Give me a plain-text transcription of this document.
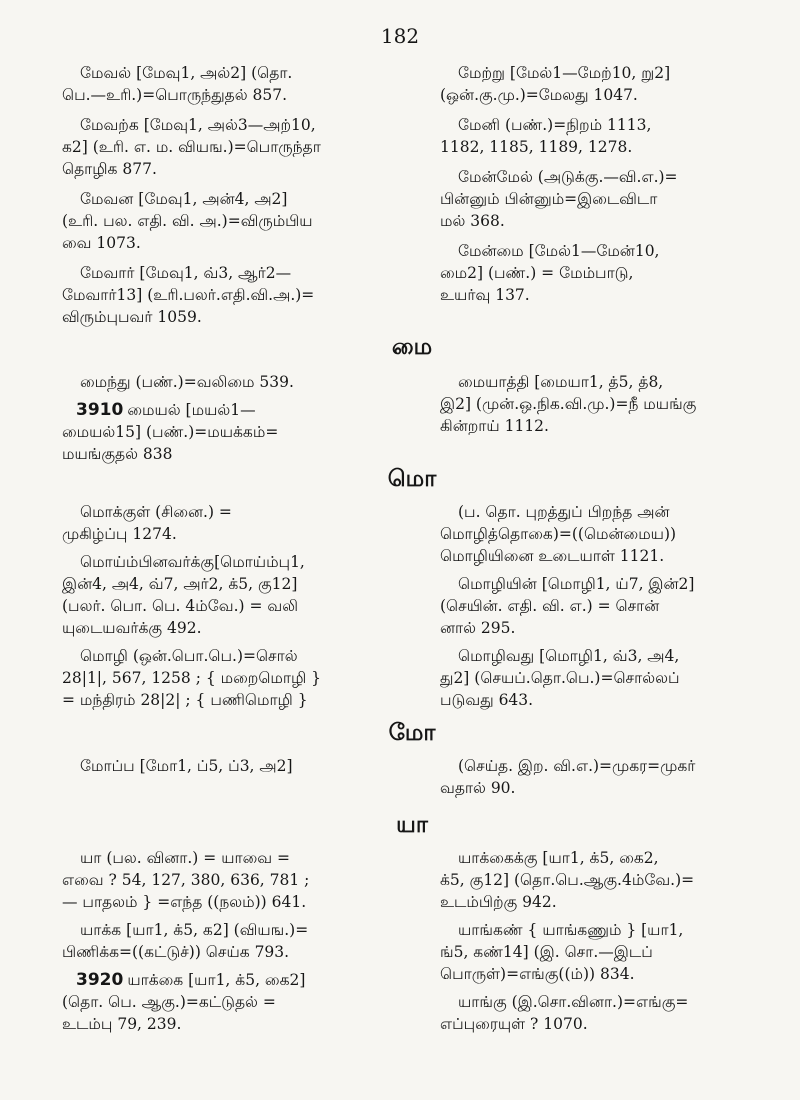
182

மேவல் [மேவு1, அல்2] (தொ.
பெ.—உரி.)=பொருந்துதல் 857.

மேவற்க [மேவு1, அல்3—அற்10,
க2] (உரி. எ. ம. வியங.)=பொருந்தா
தொழிக 877.

மேவன [மேவு1, அன்4, அ2]
(உரி. பல. எதி. வி. அ.)=விரும்பிய
வை 1073.

மேவார் [மேவு1, வ்3, ஆர்2—
மேவார்13] (உரி.பலர்.எதி.வி.அ.)=
விரும்புபவர் 1059.

மேற்று [மேல்1—மேற்10, று2]
(ஒன்.கு.மு.)=மேலது 1047.

மேனி (பண்.)=நிறம் 1113,
1182, 1185, 1189, 1278.

மேன்மேல் (அடுக்கு.—வி.எ.)=
பின்னும் பின்னும்=இடைவிடா
மல் 368.

மேன்மை [மேல்1—மேன்10,
மை2] (பண்.) = மேம்பாடு,
உயர்வு 137.

மை

மைந்து (பண்.)=வலிமை 539.

3910 மையல் [மயல்1—
மையல்15] (பண்.)=மயக்கம்=
மயங்குதல் 838

மையாத்தி [மையா1, த்5, த்8,
இ2] (முன்.ஒ.நிக.வி.மு.)=நீ மயங்கு
கின்றாய் 1112.

மொ

மொக்குள் (சினை.) =
முகிழ்ப்பு 1274.

மொய்ம்பினவர்க்கு[மொய்ம்பு1,
இன்4, அ4, வ்7, அர்2, க்5, கு12]
(பலர். பொ. பெ. 4ம்வே.) = வலி
யுடையவர்க்கு 492.

மொழி (ஒன்.பொ.பெ.)=சொல்
28|1|, 567, 1258 ; { மறைமொழி }
= மந்திரம் 28|2| ; { பணிமொழி }

(ப. தொ. புறத்துப் பிறந்த அன்
மொழித்தொகை)=((மென்மைய))
மொழியினை உடையாள் 1121.

மொழியின் [மொழி1, ய்7, இன்2]
(செயின். எதி. வி. எ.) = சொன்
னால் 295.

மொழிவது [மொழி1, வ்3, அ4,
து2] (செயப்.தொ.பெ.)=சொல்லப்
படுவது 643.

மோ

மோப்ப [மோ1, ப்5, ப்3, அ2]	(செய்த. இற. வி.எ.)=முகர=முகர்
வதால் 90.

யா

யா (பல. வினா.) = யாவை =
எவை ? 54, 127, 380, 636, 781 ;
— பாதலம் } =எந்த ((நலம்)) 641.

யாக்க [யா1, க்5, க2] (வியங.)=
பிணிக்க=((கட்டுச்)) செய்க 793.

3920 யாக்கை [யா1, க்5, கை2]
(தொ. பெ. ஆகு.)=கட்டுதல் =
உடம்பு 79, 239.

யாக்கைக்கு [யா1, க்5, கை2,
க்5, கு12] (தொ.பெ.ஆகு.4ம்வே.)=
உடம்பிற்கு 942.

யாங்கண் { யாங்கணும் } [யா1,
ங்5, கண்14] (இ. சொ.—இடப்
பொருள்)=எங்கு((ம்)) 834.

யாங்கு (இ.சொ.வினா.)=எங்கு=
எப்புரையுள் ? 1070.
